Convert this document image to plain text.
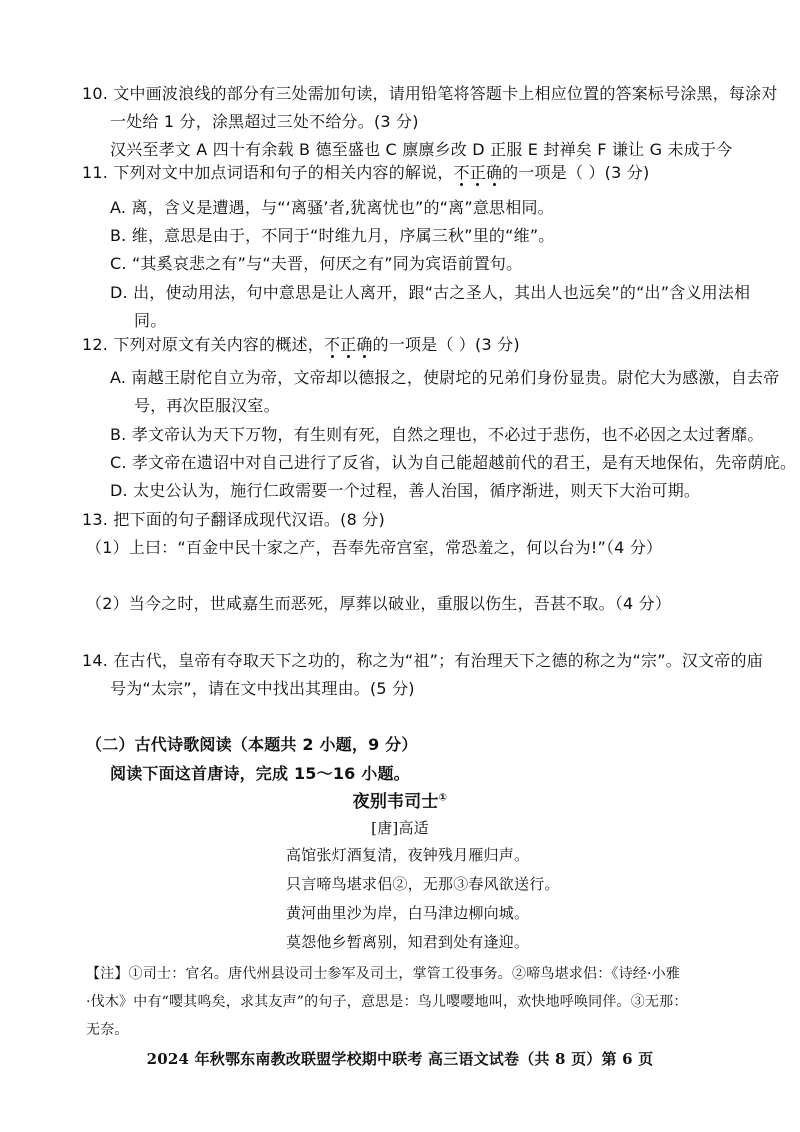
10. 文中画波浪线的部分有三处需加句读，请用铅笔将答题卡上相应位置的答案标号涂黑，每涂对
一处给 1 分，涂黑超过三处不给分。(3 分)
汉兴至孝文 A 四十有余载 B 德至盛也 C 廪廪乡改 D 正服 E 封禅矣 F 谦让 G 未成于今
11. 下列对文中加点词语和句子的相关内容的解说，不正确的一项是（ ）(3 分)
A. 离，含义是遭遇，与“‘离骚’者,犹离忧也”的“离”意思相同。
B. 维，意思是由于，不同于“时维九月，序属三秋”里的“维”。
C. “其奚哀悲之有”与“夫晋，何厌之有”同为宾语前置句。
D. 出，使动用法，句中意思是让人离开，跟“古之圣人，其出人也远矣”的“出”含义用法相
同。
12. 下列对原文有关内容的概述，不正确的一项是（ ）(3 分)
A. 南越王尉佗自立为帝，文帝却以德报之，使尉坨的兄弟们身份显贵。尉佗大为感激，自去帝
号，再次臣服汉室。
B. 孝文帝认为天下万物，有生则有死，自然之理也，不必过于悲伤，也不必因之太过奢靡。
C. 孝文帝在遗诏中对自己进行了反省，认为自己能超越前代的君王，是有天地保佑，先帝荫庇。
D. 太史公认为，施行仁政需要一个过程，善人治国，循序渐进，则天下大治可期。
13. 把下面的句子翻译成现代汉语。(8 分)
（1）上曰：“百金中民十家之产，吾奉先帝宫室，常恐羞之，何以台为!”（4 分）
（2）当今之时，世咸嘉生而恶死，厚葬以破业，重服以伤生，吾甚不取。（4 分）
14. 在古代，皇帝有夺取天下之功的，称之为“祖”；有治理天下之德的称之为“宗”。汉文帝的庙
号为“太宗”，请在文中找出其理由。(5 分)
（二）古代诗歌阅读（本题共 2 小题，9 分）
阅读下面这首唐诗，完成 15～16 小题。
夜别韦司士①
[唐]高适
高馆张灯酒复清，夜钟残月雁归声。
只言啼鸟堪求侣②，无那③春风欲送行。
黄河曲里沙为岸，白马津边柳向城。
莫怨他乡暂离别，知君到处有逢迎。
【注】①司士：官名。唐代州县设司士参军及司土，掌管工役事务。②啼鸟堪求侣：《诗经·小雅
·伐木》中有“嘤其鸣矣，求其友声”的句子，意思是：鸟儿嘤嘤地叫，欢快地呼唤同伴。③无那：
无奈。
2024 年秋鄂东南教改联盟学校期中联考 高三语文试卷（共 8 页）第 6 页
